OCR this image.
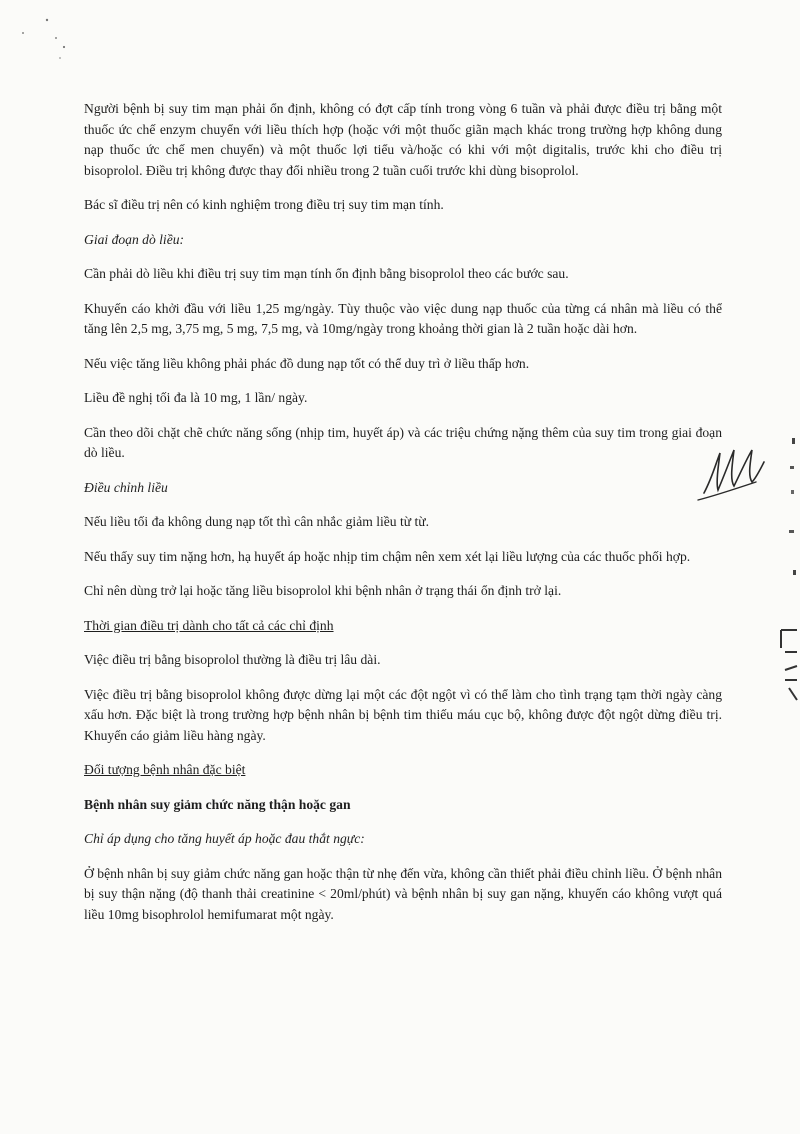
Người bệnh bị suy tim mạn phải ổn định, không có đợt cấp tính trong vòng 6 tuần và phải được điều trị bằng một thuốc ức chế enzym chuyển với liều thích hợp (hoặc với một thuốc giãn mạch khác trong trường hợp không dung nạp thuốc ức chế men chuyển) và một thuốc lợi tiểu và/hoặc có khi với một digitalis, trước khi cho điều trị bisoprolol. Điều trị không được thay đổi nhiều trong 2 tuần cuối trước khi dùng bisoprolol.

Bác sĩ điều trị nên có kinh nghiệm trong điều trị suy tim mạn tính.

Giai đoạn dò liều:

Cần phải dò liều khi điều trị suy tim mạn tính ổn định bằng bisoprolol theo các bước sau.

Khuyến cáo khởi đầu với liều 1,25 mg/ngày. Tùy thuộc vào việc dung nạp thuốc của từng cá nhân mà liều có thể tăng lên 2,5 mg, 3,75 mg, 5 mg, 7,5 mg, và 10mg/ngày trong khoảng thời gian là 2 tuần hoặc dài hơn.

Nếu việc tăng liều không phải phác đồ dung nạp tốt có thể duy trì ở liều thấp hơn.

Liều đề nghị tối đa là 10 mg, 1 lần/ ngày.

Cần theo dõi chặt chẽ chức năng sống (nhịp tim, huyết áp) và các triệu chứng nặng thêm của suy tim trong giai đoạn dò liều.

Điều chỉnh liều

Nếu liều tối đa không dung nạp tốt thì cân nhắc giảm liều từ từ.

Nếu thấy suy tim nặng hơn, hạ huyết áp hoặc nhịp tim chậm nên xem xét lại liều lượng của các thuốc phối hợp.

Chỉ nên dùng trở lại hoặc tăng liều bisoprolol khi bệnh nhân ở trạng thái ổn định trở lại.

Thời gian điều trị dành cho tất cả các chỉ định

Việc điều trị bằng bisoprolol thường là điều trị lâu dài.

Việc điều trị bằng bisoprolol không được dừng lại một các đột ngột vì có thể làm cho tình trạng tạm thời ngày càng xấu hơn. Đặc biệt là trong trường hợp bệnh nhân bị bệnh tim thiếu máu cục bộ, không được đột ngột dừng điều trị. Khuyến cáo giảm liều hàng ngày.

Đối tượng bệnh nhân đặc biệt

Bệnh nhân suy giảm chức năng thận hoặc gan

Chỉ áp dụng cho tăng huyết áp hoặc đau thắt ngực:

Ở bệnh nhân bị suy giảm chức năng gan hoặc thận từ nhẹ đến vừa, không cần thiết phải điều chỉnh liều. Ở bệnh nhân bị suy thận nặng (độ thanh thải creatinine < 20ml/phút) và bệnh nhân bị suy gan nặng, khuyến cáo không vượt quá liều 10mg bisophrolol hemifumarat một ngày.
